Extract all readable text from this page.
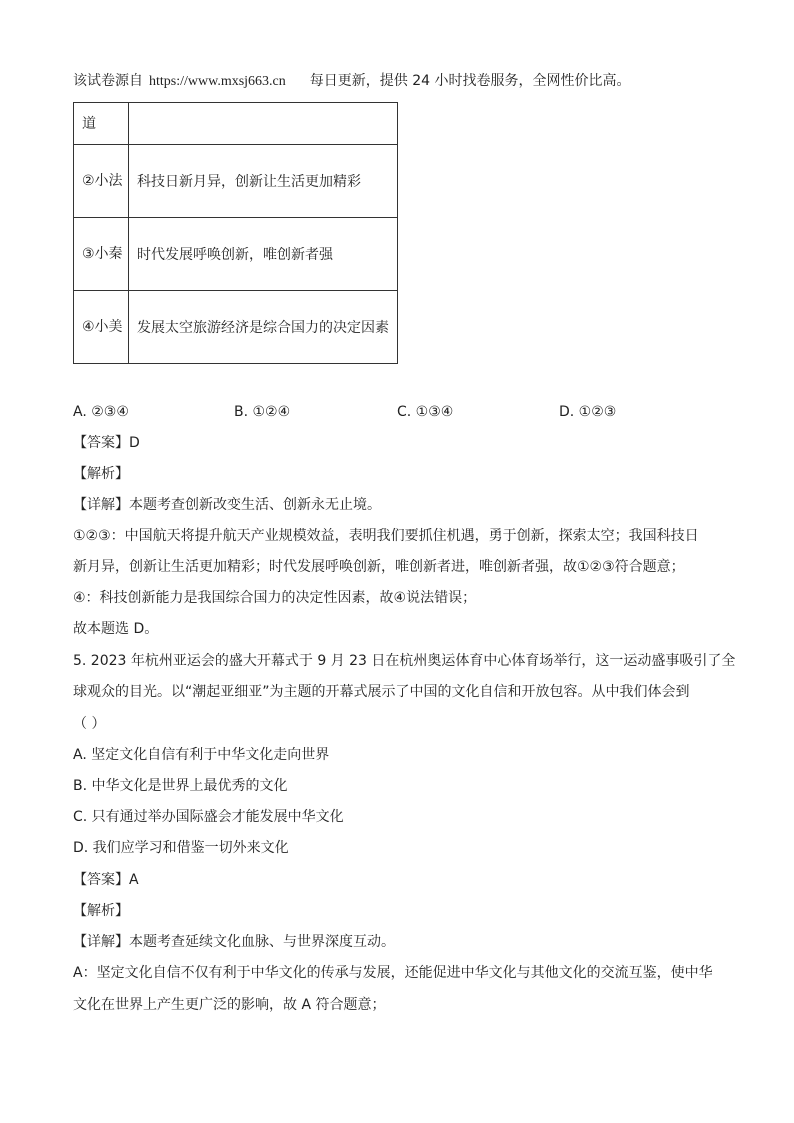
该试卷源自 https://www.mxsj663.cn 每日更新，提供 24 小时找卷服务，全网性价比高。
道	
②小法	科技日新月异，创新让生活更加精彩
③小秦	时代发展呼唤创新，唯创新者强
④小美	发展太空旅游经济是综合国力的决定因素
A. ②③④	B. ①②④	C. ①③④	D. ①②③
【答案】D
【解析】
【详解】本题考查创新改变生活、创新永无止境。
①②③：中国航天将提升航天产业规模效益，表明我们要抓住机遇，勇于创新，探索太空；我国科技日
新月异，创新让生活更加精彩；时代发展呼唤创新，唯创新者进，唯创新者强，故①②③符合题意；
④：科技创新能力是我国综合国力的决定性因素，故④说法错误；
故本题选 D。
5. 2023 年杭州亚运会的盛大开幕式于 9 月 23 日在杭州奥运体育中心体育场举行，这一运动盛事吸引了全
球观众的目光。以“潮起亚细亚”为主题的开幕式展示了中国的文化自信和开放包容。从中我们体会到
（ ）
A. 坚定文化自信有利于中华文化走向世界
B. 中华文化是世界上最优秀的文化
C. 只有通过举办国际盛会才能发展中华文化
D. 我们应学习和借鉴一切外来文化
【答案】A
【解析】
【详解】本题考查延续文化血脉、与世界深度互动。
A：坚定文化自信不仅有利于中华文化的传承与发展，还能促进中华文化与其他文化的交流互鉴，使中华
文化在世界上产生更广泛的影响，故 A 符合题意；
